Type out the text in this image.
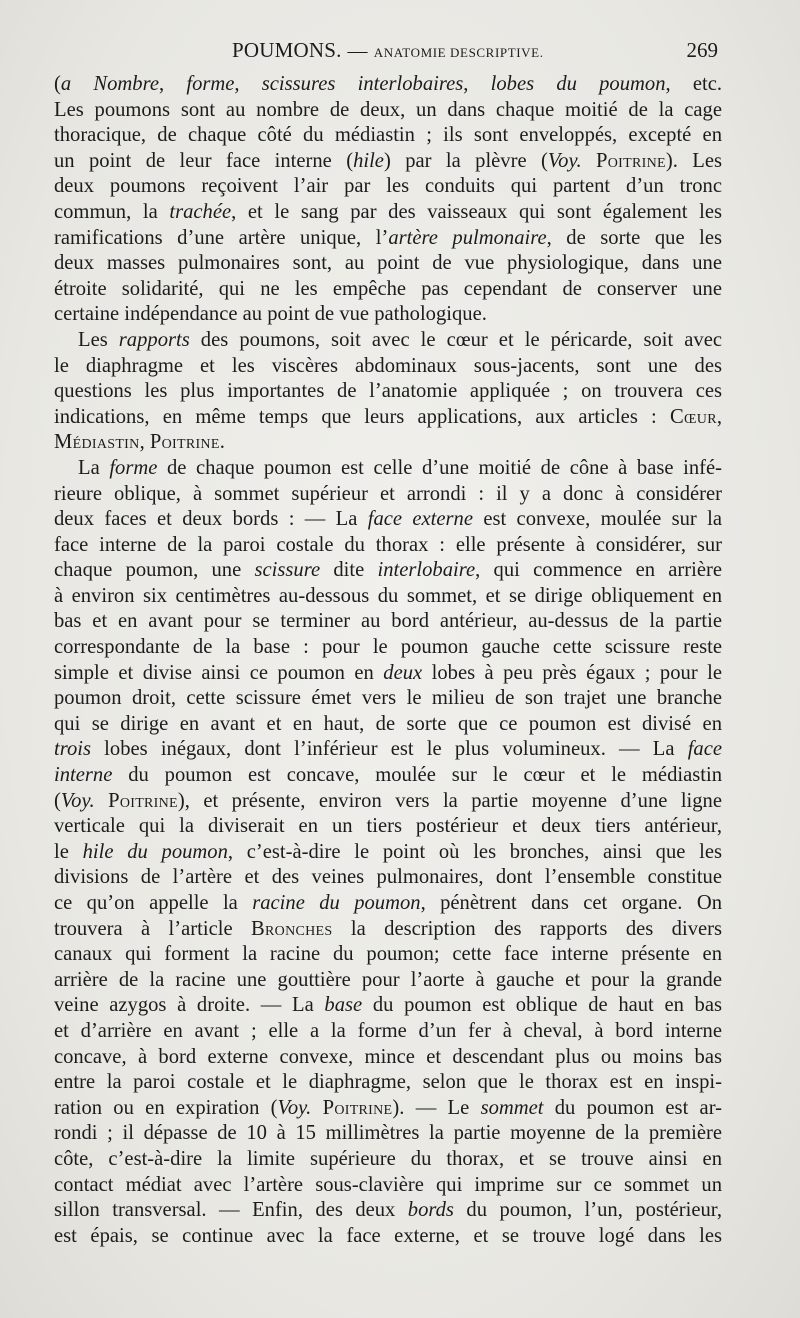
POUMONS. — ANATOMIE DESCRIPTIVE.	269
(a Nombre, forme, scissures interlobaires, lobes du poumon, etc.
Les poumons sont au nombre de deux, un dans chaque moitié de la cage
thoracique, de chaque côté du médiastin ; ils sont enveloppés, excepté en
un point de leur face interne (hile) par la plèvre (Voy. Poitrine). Les
deux poumons reçoivent l’air par les conduits qui partent d’un tronc
commun, la trachée, et le sang par des vaisseaux qui sont également les
ramifications d’une artère unique, l’artère pulmonaire, de sorte que les
deux masses pulmonaires sont, au point de vue physiologique, dans une
étroite solidarité, qui ne les empêche pas cependant de conserver une
certaine indépendance au point de vue pathologique.
Les rapports des poumons, soit avec le cœur et le péricarde, soit avec
le diaphragme et les viscères abdominaux sous-jacents, sont une des
questions les plus importantes de l’anatomie appliquée ; on trouvera ces
indications, en même temps que leurs applications, aux articles : Cœur,
Médiastin, Poitrine.
La forme de chaque poumon est celle d’une moitié de cône à base infé-
rieure oblique, à sommet supérieur et arrondi : il y a donc à considérer
deux faces et deux bords : — La face externe est convexe, moulée sur la
face interne de la paroi costale du thorax : elle présente à considérer, sur
chaque poumon, une scissure dite interlobaire, qui commence en arrière
à environ six centimètres au-dessous du sommet, et se dirige obliquement en
bas et en avant pour se terminer au bord antérieur, au-dessus de la partie
correspondante de la base : pour le poumon gauche cette scissure reste
simple et divise ainsi ce poumon en deux lobes à peu près égaux ; pour le
poumon droit, cette scissure émet vers le milieu de son trajet une branche
qui se dirige en avant et en haut, de sorte que ce poumon est divisé en
trois lobes inégaux, dont l’inférieur est le plus volumineux. — La face
interne du poumon est concave, moulée sur le cœur et le médiastin
(Voy. Poitrine), et présente, environ vers la partie moyenne d’une ligne
verticale qui la diviserait en un tiers postérieur et deux tiers antérieur,
le hile du poumon, c’est-à-dire le point où les bronches, ainsi que les
divisions de l’artère et des veines pulmonaires, dont l’ensemble constitue
ce qu’on appelle la racine du poumon, pénètrent dans cet organe. On
trouvera à l’article Bronches la description des rapports des divers
canaux qui forment la racine du poumon; cette face interne présente en
arrière de la racine une gouttière pour l’aorte à gauche et pour la grande
veine azygos à droite. — La base du poumon est oblique de haut en bas
et d’arrière en avant ; elle a la forme d’un fer à cheval, à bord interne
concave, à bord externe convexe, mince et descendant plus ou moins bas
entre la paroi costale et le diaphragme, selon que le thorax est en inspi-
ration ou en expiration (Voy. Poitrine). — Le sommet du poumon est ar-
rondi ; il dépasse de 10 à 15 millimètres la partie moyenne de la première
côte, c’est-à-dire la limite supérieure du thorax, et se trouve ainsi en
contact médiat avec l’artère sous-clavière qui imprime sur ce sommet un
sillon transversal. — Enfin, des deux bords du poumon, l’un, postérieur,
est épais, se continue avec la face externe, et se trouve logé dans les
